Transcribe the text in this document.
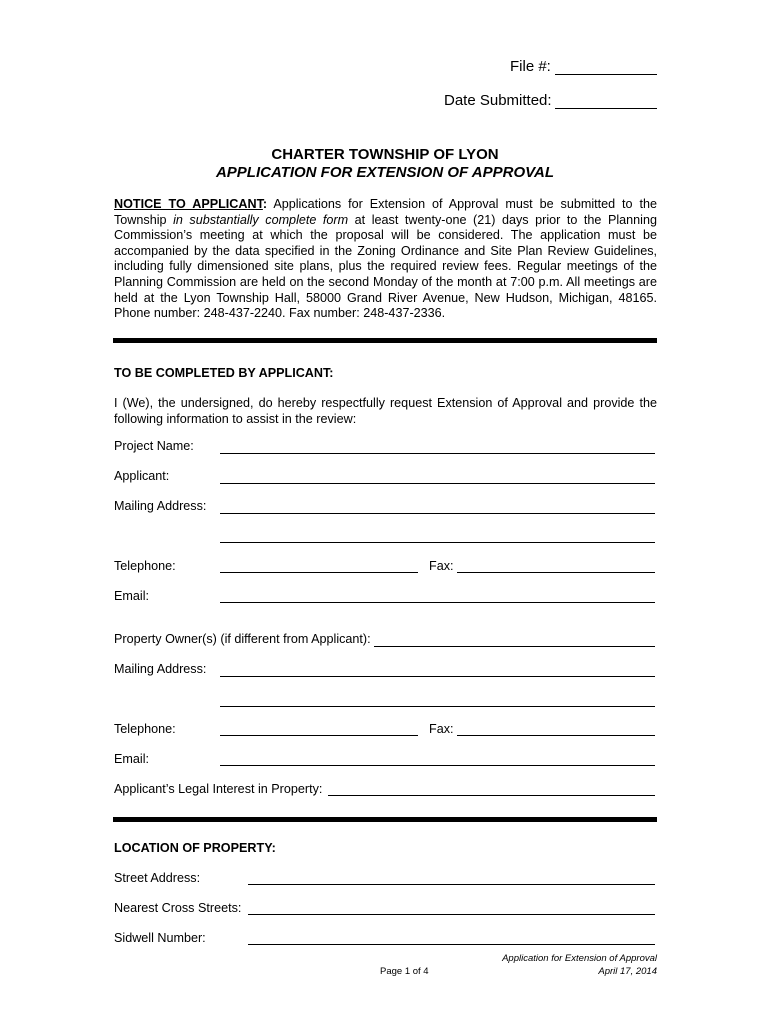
File #:
Date Submitted:
CHARTER TOWNSHIP OF LYON
APPLICATION FOR EXTENSION OF APPROVAL
NOTICE TO APPLICANT: Applications for Extension of Approval must be submitted to the Township in substantially complete form at least twenty-one (21) days prior to the Planning Commission’s meeting at which the proposal will be considered. The application must be accompanied by the data specified in the Zoning Ordinance and Site Plan Review Guidelines, including fully dimensioned site plans, plus the required review fees. Regular meetings of the Planning Commission are held on the second Monday of the month at 7:00 p.m. All meetings are held at the Lyon Township Hall, 58000 Grand River Avenue, New Hudson, Michigan, 48165. Phone number: 248-437-2240. Fax number: 248-437-2336.
TO BE COMPLETED BY APPLICANT:
I (We), the undersigned, do hereby respectfully request Extension of Approval and provide the following information to assist in the review:
Project Name:
Applicant:
Mailing Address:
Telephone:	Fax:
Email:
Property Owner(s) (if different from Applicant):
Mailing Address:
Telephone:	Fax:
Email:
Applicant’s Legal Interest in Property:
LOCATION OF PROPERTY:
Street Address:
Nearest Cross Streets:
Sidwell Number:
Page 1 of 4
Application for Extension of Approval
April 17, 2014
